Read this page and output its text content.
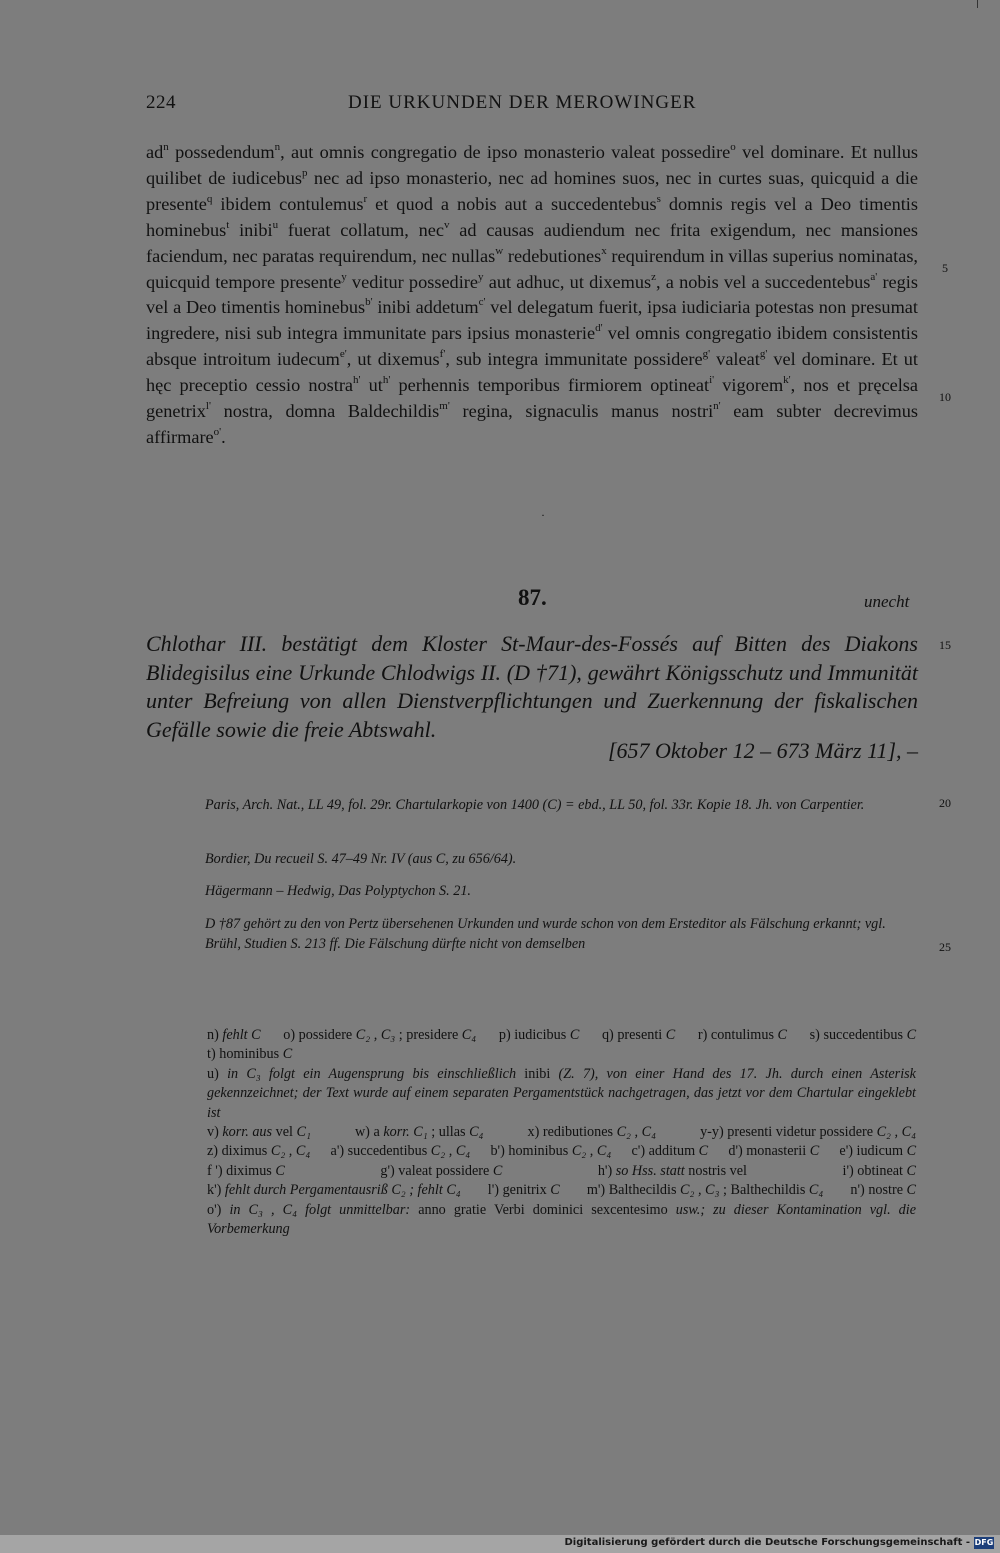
224	DIE URKUNDEN DER MEROWINGER

$ad^n$ possedendum$^n$, aut omnis congregatio de ipso monasterio valeat possedire$^o$ vel dominare. Et nullus quilibet de iudicebus$^p$ nec ad ipso monasterio, nec ad homines suos, nec in curtes suas, quicquid a die presente$^q$ ibidem contulemus$^r$ et quod a nobis aut a succedentebus$^s$ domnis regis vel a Deo timentis hominebus$^t$ inibi$^u$ fuerat collatum, nec$^v$ ad causas audiendum nec frita exigendum, nec mansiones faciendum, nec paratas requirendum, nec nullas$^w$ redebutiones$^x$ requirendum in villas superius nominatas, quicquid tempore presente$^y$ veditur possedire$^y$ aut adhuc, ut dixemus$^z$, a nobis vel a succedentebus$^{a'}$ regis vel a Deo timentis hominebus$^{b'}$ inibi addetum$^{c'}$ vel delegatum fuerit, ipsa iudiciaria potestas non presumat ingredere, nisi sub integra immunitate pars ipsius monasterie$^{d'}$ vel omnis congregatio ibidem consistentis absque introitum iudecum$^{e'}$, ut dixemus$^{f'}$, sub integra immunitate possidere$^{g'}$ valeat$^{g'}$ vel dominare. Et ut hęc preceptio cessio nostra$^{h'}$ $ut^{h'}$ perhennis temporibus firmiorem optineat$^{i'}$ vigorem$^{k'}$, nos et pręcelsa genetrix$^{l'}$ nostra, domna Baldechildis$^{m'}$ regina, signaculis manus nostri$^{n'}$ eam subter decrevimus affirmare$^{o'}$.

·
87.	unecht
Chlothar III. bestätigt dem Kloster St-Maur-des-Fossés auf Bitten des Diakons Blidegisilus eine Urkunde Chlodwigs II. (D †71), gewährt Königsschutz und Immunität unter Befreiung von allen Dienstverpflichtungen und Zuerkennung der fiskalischen Gefälle sowie die freie Abtswahl.
[657 Oktober 12 – 673 März 11], –
Paris, Arch. Nat., LL 49, fol. 29r. Chartularkopie von 1400 (C) = ebd., LL 50, fol. 33r. Kopie 18. Jh. von Carpentier.
Bordier, Du recueil S. 47–49 Nr. IV (aus C, zu 656/64).
Hägermann – Hedwig, Das Polyptychon S. 21.
D †87 gehört zu den von Pertz übersehenen Urkunden und wurde schon von dem Ersteditor als Fälschung erkannt; vgl. Brühl, Studien S. 213 ff. Die Fälschung dürfte nicht von demselben
5
10
15
20
25
n) fehlt C o) possidere C₂ , C₃ ; presidere C₄ p) iudicibus C q) presenti C r) contulimus C s) succedentibus C t) hominibus C u) in C₃ folgt ein Augensprung bis einschließlich inibi (Z. 7), von einer Hand des 17. Jh. durch einen Asterisk gekennzeichnet; der Text wurde auf einem separaten Pergamentstück nachgetragen, das jetzt vor dem Chartular eingeklebt ist v) korr. aus vel C₁	w) a korr. C₁ ; ullas C₄	x) redibutiones C₂ , C₄	y-y) presenti videtur possidere C₂ , C₄ z) diximus C₂ , C₄ a') succedentibus C₂ , C₄ b') hominibus C₂ , C₄ c') additum C d') monasterii C e') iudicum C f ') diximus C	g') valeat possidere C	h') so Hss. statt nostris vel	i') obtineat C k') fehlt durch Pergamentausriß C₂ ; fehlt C₄ l') genitrix C m') Balthecildis C₂ , C₃ ; Balthechildis C₄ n') nostre C o') in C₃ , C₄ folgt unmittelbar: anno gratie Verbi dominici sexcentesimo usw.; zu dieser Kontamination vgl. die Vorbemerkung
Digitalisierung gefördert durch die Deutsche Forschungsgemeinschaft - DFG
